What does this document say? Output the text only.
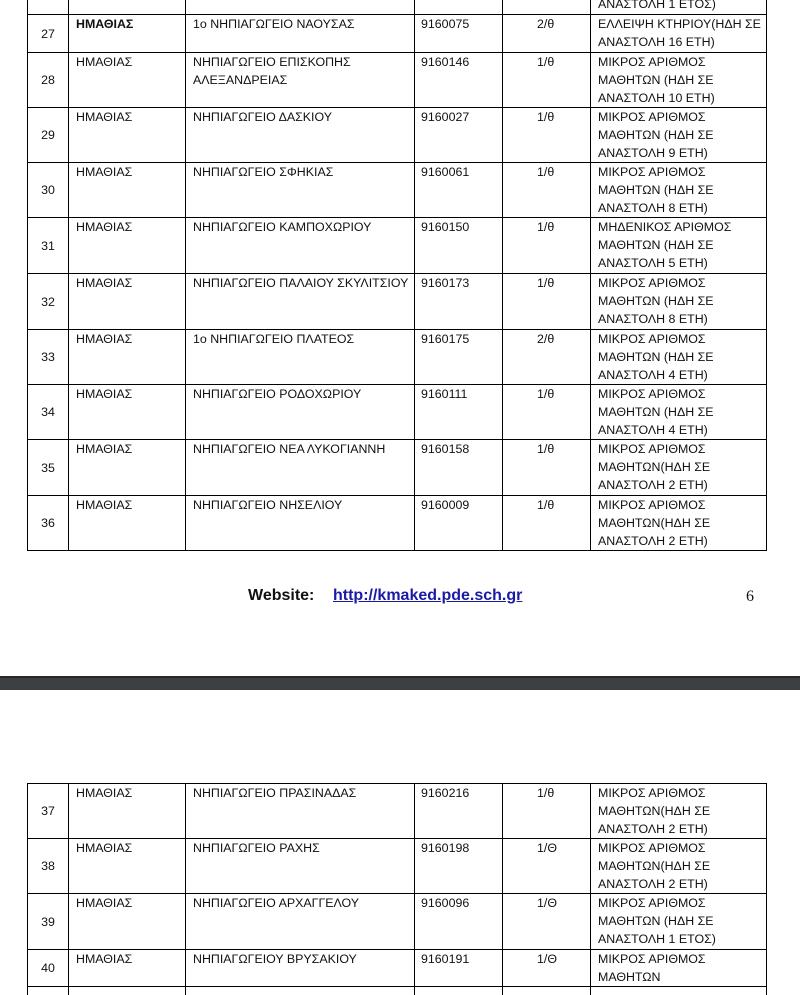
					ΑΝΑΣΤΟΛΗ 1 ΕΤΟΣ)
27	ΗΜΑΘΙΑΣ	1ο ΝΗΠΙΑΓΩΓΕΙΟ ΝΑΟΥΣΑΣ	9160075	2/θ	ΕΛΛΕΙΨΗ ΚΤΗΡΙΟΥ(ΗΔΗ ΣΕ ΑΝΑΣΤΟΛΗ 16 ΕΤΗ)
28	ΗΜΑΘΙΑΣ	ΝΗΠΙΑΓΩΓΕΙΟ ΕΠΙΣΚΟΠΗΣ ΑΛΕΞΑΝΔΡΕΙΑΣ	9160146	1/θ	ΜΙΚΡΟΣ ΑΡΙΘΜΟΣ ΜΑΘΗΤΩΝ (ΗΔΗ ΣΕ ΑΝΑΣΤΟΛΗ 10 ΕΤΗ)
29	ΗΜΑΘΙΑΣ	ΝΗΠΙΑΓΩΓΕΙΟ ΔΑΣΚΙΟΥ	9160027	1/θ	ΜΙΚΡΟΣ ΑΡΙΘΜΟΣ ΜΑΘΗΤΩΝ (ΗΔΗ ΣΕ ΑΝΑΣΤΟΛΗ 9 ΕΤΗ)
30	ΗΜΑΘΙΑΣ	ΝΗΠΙΑΓΩΓΕΙΟ ΣΦΗΚΙΑΣ	9160061	1/θ	ΜΙΚΡΟΣ ΑΡΙΘΜΟΣ ΜΑΘΗΤΩΝ (ΗΔΗ ΣΕ ΑΝΑΣΤΟΛΗ 8 ΕΤΗ)
31	ΗΜΑΘΙΑΣ	ΝΗΠΙΑΓΩΓΕΙΟ ΚΑΜΠΟΧΩΡΙΟΥ	9160150	1/θ	ΜΗΔΕΝΙΚΟΣ ΑΡΙΘΜΟΣ ΜΑΘΗΤΩΝ (ΗΔΗ ΣΕ ΑΝΑΣΤΟΛΗ 5 ΕΤΗ)
32	ΗΜΑΘΙΑΣ	ΝΗΠΙΑΓΩΓΕΙΟ ΠΑΛΑΙΟΥ ΣΚΥΛΙΤΣΙΟΥ	9160173	1/θ	ΜΙΚΡΟΣ ΑΡΙΘΜΟΣ ΜΑΘΗΤΩΝ (ΗΔΗ ΣΕ ΑΝΑΣΤΟΛΗ 8 ΕΤΗ)
33	ΗΜΑΘΙΑΣ	1ο ΝΗΠΙΑΓΩΓΕΙΟ ΠΛΑΤΕΟΣ	9160175	2/θ	ΜΙΚΡΟΣ ΑΡΙΘΜΟΣ ΜΑΘΗΤΩΝ (ΗΔΗ ΣΕ ΑΝΑΣΤΟΛΗ 4 ΕΤΗ)
34	ΗΜΑΘΙΑΣ	ΝΗΠΙΑΓΩΓΕΙΟ ΡΟΔΟΧΩΡΙΟΥ	9160111	1/θ	ΜΙΚΡΟΣ ΑΡΙΘΜΟΣ ΜΑΘΗΤΩΝ (ΗΔΗ ΣΕ ΑΝΑΣΤΟΛΗ 4 ΕΤΗ)
35	ΗΜΑΘΙΑΣ	ΝΗΠΙΑΓΩΓΕΙΟ ΝΕΑ ΛΥΚΟΓΙΑΝΝΗ	9160158	1/θ	ΜΙΚΡΟΣ ΑΡΙΘΜΟΣ ΜΑΘΗΤΩΝ(ΗΔΗ ΣΕ ΑΝΑΣΤΟΛΗ 2 ΕΤΗ)
36	ΗΜΑΘΙΑΣ	ΝΗΠΙΑΓΩΓΕΙΟ ΝΗΣΕΛΙΟΥ	9160009	1/θ	ΜΙΚΡΟΣ ΑΡΙΘΜΟΣ ΜΑΘΗΤΩΝ(ΗΔΗ ΣΕ ΑΝΑΣΤΟΛΗ 2 ΕΤΗ)
Website: http://kmaked.pde.sch.gr	6
37	ΗΜΑΘΙΑΣ	ΝΗΠΙΑΓΩΓΕΙΟ ΠΡΑΣΙΝΑΔΑΣ	9160216	1/θ	ΜΙΚΡΟΣ ΑΡΙΘΜΟΣ ΜΑΘΗΤΩΝ(ΗΔΗ ΣΕ ΑΝΑΣΤΟΛΗ 2 ΕΤΗ)
38	ΗΜΑΘΙΑΣ	ΝΗΠΙΑΓΩΓΕΙΟ ΡΑΧΗΣ	9160198	1/Θ	ΜΙΚΡΟΣ ΑΡΙΘΜΟΣ ΜΑΘΗΤΩΝ(ΗΔΗ ΣΕ ΑΝΑΣΤΟΛΗ 2 ΕΤΗ)
39	ΗΜΑΘΙΑΣ	ΝΗΠΙΑΓΩΓΕΙΟ ΑΡΧΑΓΓΕΛΟΥ	9160096	1/Θ	ΜΙΚΡΟΣ ΑΡΙΘΜΟΣ ΜΑΘΗΤΩΝ (ΗΔΗ ΣΕ ΑΝΑΣΤΟΛΗ 1 ΕΤΟΣ)
40	ΗΜΑΘΙΑΣ	ΝΗΠΙΑΓΩΓΕΙΟΥ ΒΡΥΣΑΚΙΟΥ	9160191	1/Θ	ΜΙΚΡΟΣ ΑΡΙΘΜΟΣ ΜΑΘΗΤΩΝ
